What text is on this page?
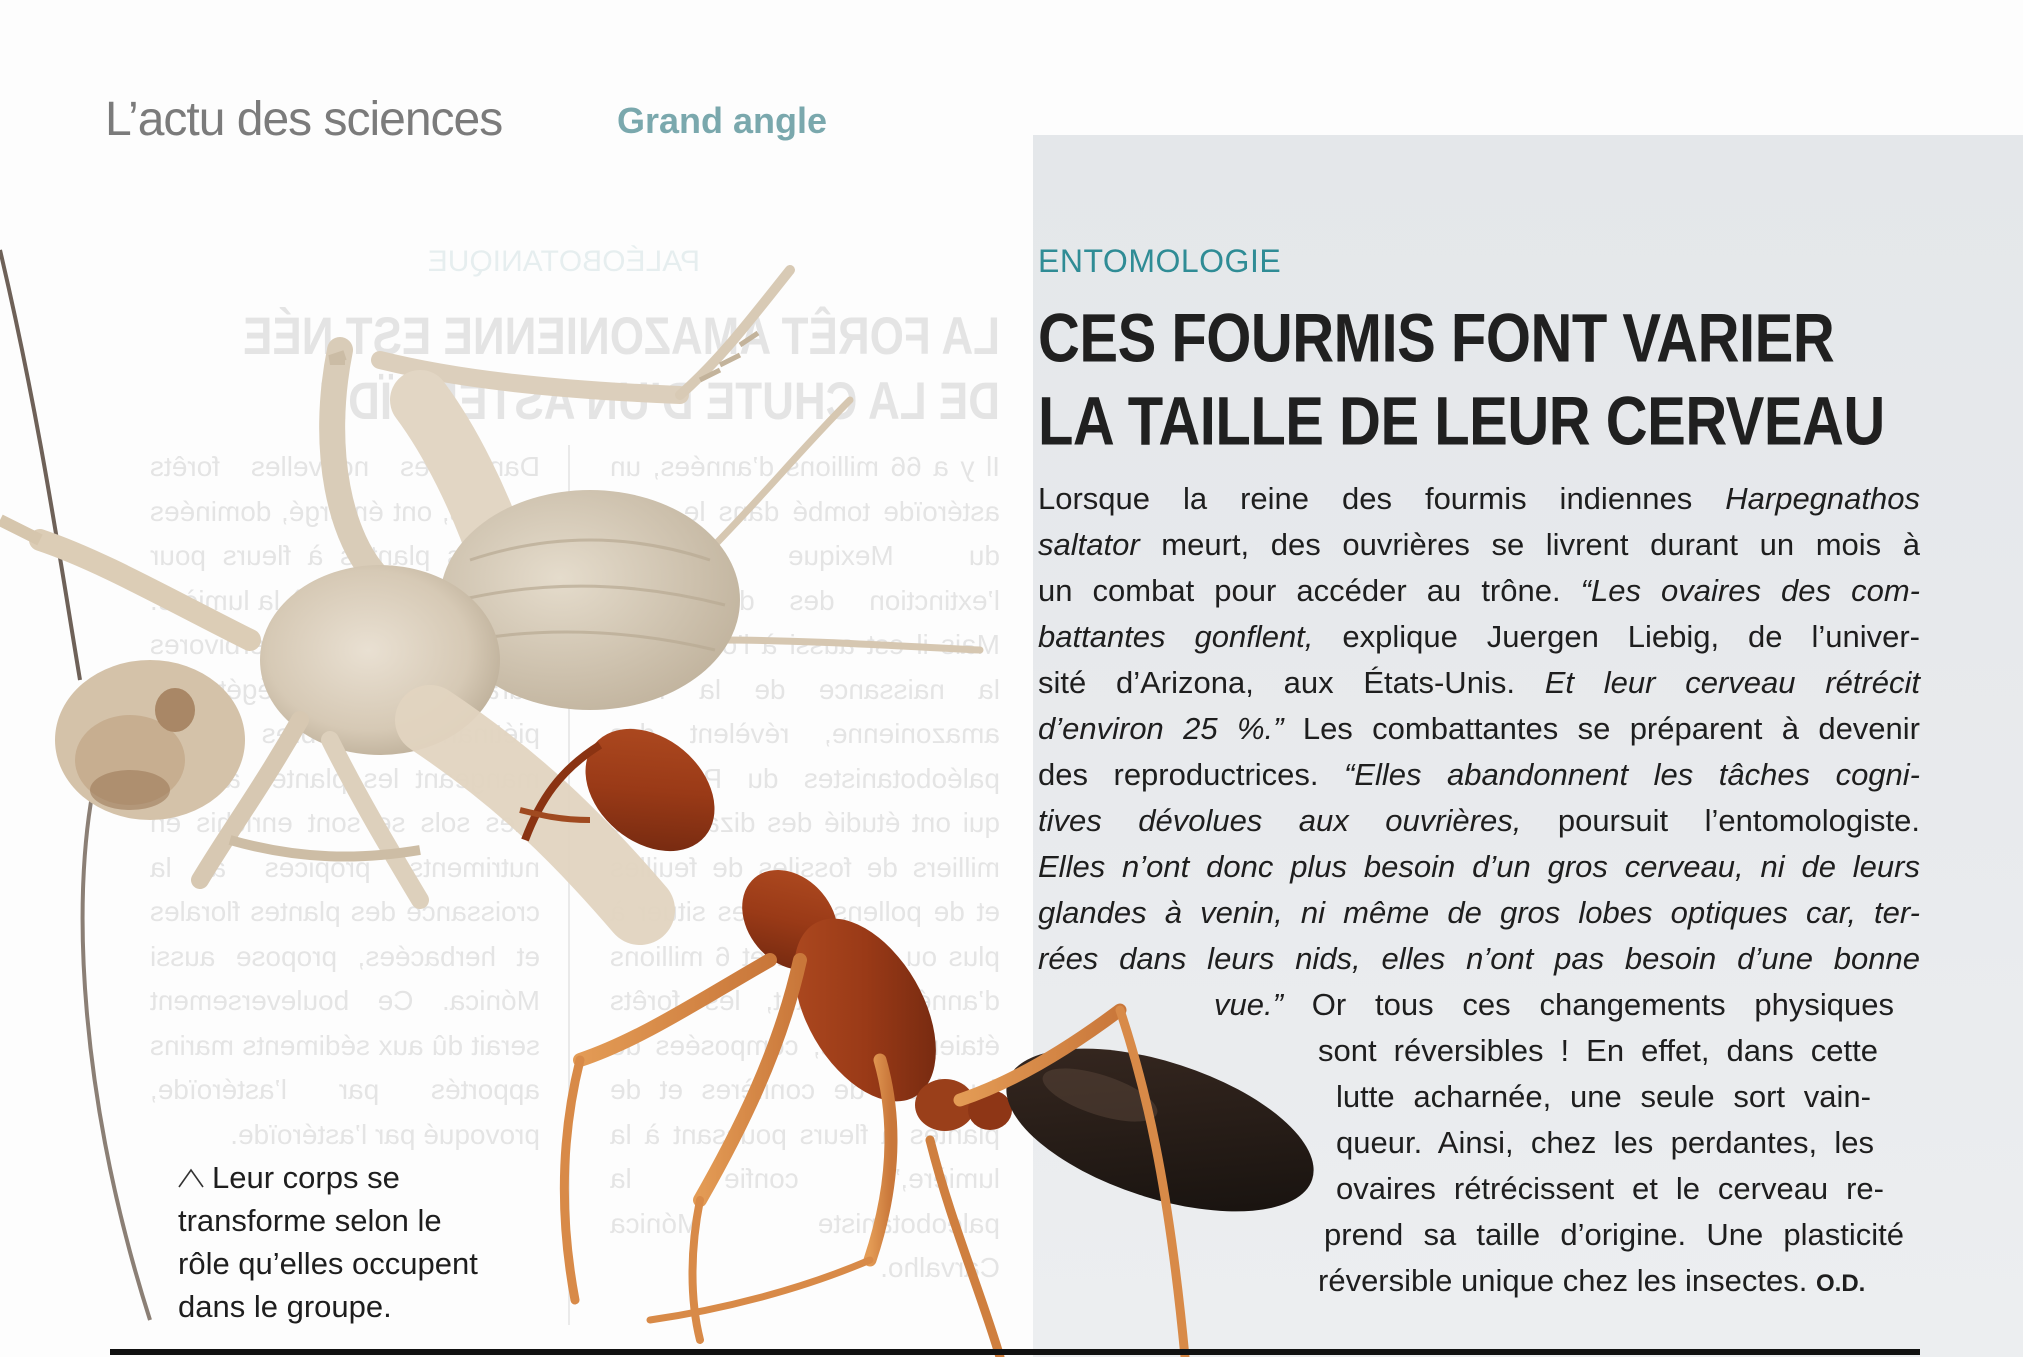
L’actu des sciences	Grand angle
PALÉOBOTANIQUE
LA FORÊT AMAZONIENNE EST NÉE
DE LA CHUTE D’UN ASTÉROÏDE
Il y a 66 millions d’années, un astéroïde tombé dans le du Mexique l’extinction des Mais il est aussi à la naissance de la amazonienne, révèlent paléobotanistes du qui ont étudié des milliers de fossiles de feuilles et de pollens les situer à plus ou et 6 millions d’années. les forêts étaient composées de de conifères et de plantes à fleurs poussant à la lumière,” confie la paléobotaniste Mónica Carvalho.
Dans ces nouvelles forêts denses, ont émergé, dominées plantes à fleurs pour la lumière. herbivores piétinant arbres mangeant les plantes “Les sols se sont enrichis en nutriments propices à la croissance des plantes florales et herbacées, propose aussi Mónica. Ce bouleversement serait dû aux sédiments marins apportés par l’astéroïde, provoqué par l’astéroïde.
ENTOMOLOGIE
CES FOURMIS FONT VARIER
LA TAILLE DE LEUR CERVEAU
Lorsque la reine des fourmis indiennes Harpegnathos
saltator meurt, des ouvrières se livrent durant un mois à
un combat pour accéder au trône. “Les ovaires des com-
battantes gonflent, explique Juergen Liebig, de l’univer-
sité d’Arizona, aux États-Unis. Et leur cerveau rétrécit
d’environ 25 %.” Les combattantes se préparent à devenir
des reproductrices. “Elles abandonnent les tâches cogni-
tives dévolues aux ouvrières, poursuit l’entomologiste.
Elles n’ont donc plus besoin d’un gros cerveau, ni de leurs
glandes à venin, ni même de gros lobes optiques car, ter-
rées dans leurs nids, elles n’ont pas besoin d’une bonne
vue.” Or tous ces changements physiques
sont réversibles ! En effet, dans cette
lutte acharnée, une seule sort vain-
queur. Ainsi, chez les perdantes, les
ovaires rétrécissent et le cerveau re-
prend sa taille d’origine. Une plasticité
réversible unique chez les insectes. O.D.
Leur corps se
transforme selon le
rôle qu’elles occupent
dans le groupe.
